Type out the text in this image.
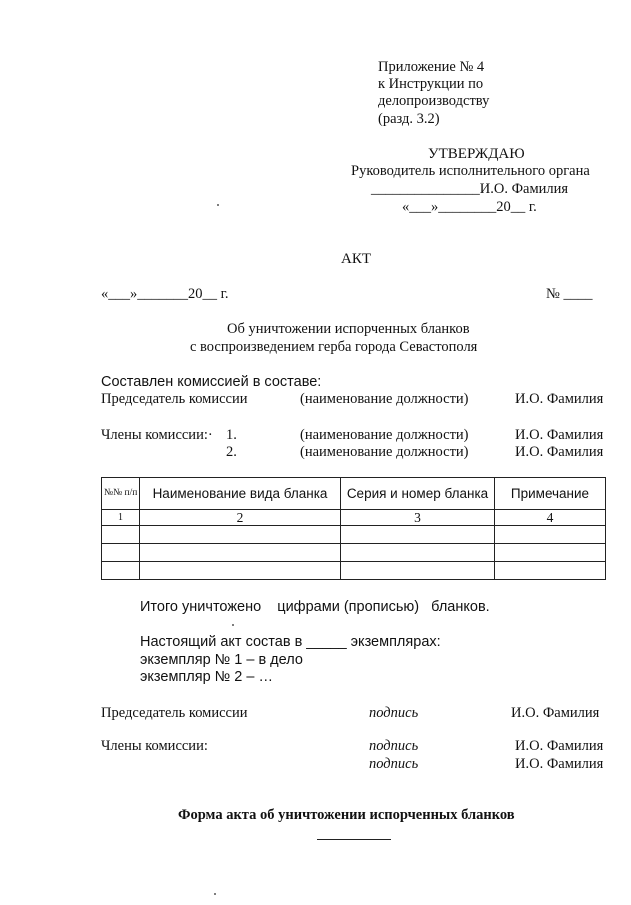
Приложение № 4
к Инструкции по
делопроизводству
(разд. 3.2)
УТВЕРЖДАЮ
Руководитель исполнительного органа
_______________И.О. Фамилия
«___»________20__ г.
АКТ
«___»_______20__ г.	№ ____
Об уничтожении испорченных бланков
с воспроизведением герба города Севастополя
Составлен комиссией в составе:
Председатель комиссии	(наименование должности)	И.О. Фамилия
Члены комиссии:· 1.	(наименование должности)	И.О. Фамилия
2.	(наименование должности)	И.О. Фамилия
№№ п/п	Наименование вида бланка	Серия и номер бланка	Примечание
1	2	3	4

Итого уничтожено    цифрами (прописью)   бланков.
Настоящий акт состав в _____ экземплярах:
экземпляр № 1 – в дело
экземпляр № 2 – …
Председатель комиссии	подпись	И.О. Фамилия
Члены комиссии:	подпись	И.О. Фамилия
подпись	И.О. Фамилия
Форма акта об уничтожении испорченных бланков
